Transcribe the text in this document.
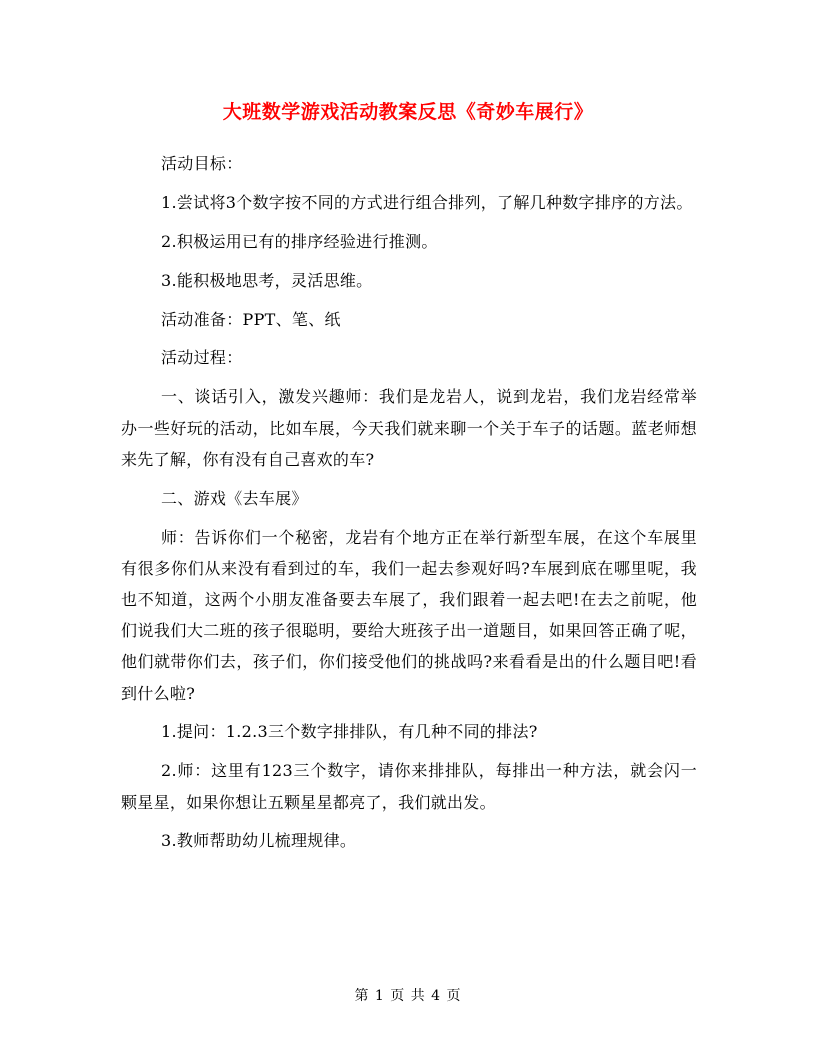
大班数学游戏活动教案反思《奇妙车展行》

活动目标：

1.尝试将3个数字按不同的方式进行组合排列，了解几种数字排序的方法。

2.积极运用已有的排序经验进行推测。

3.能积极地思考，灵活思维。

活动准备：PPT、笔、纸

活动过程：

一、谈话引入，激发兴趣师：我们是龙岩人，说到龙岩，我们龙岩经常举办一些好玩的活动，比如车展，今天我们就来聊一个关于车子的话题。蓝老师想来先了解，你有没有自己喜欢的车?

二、游戏《去车展》

师：告诉你们一个秘密，龙岩有个地方正在举行新型车展，在这个车展里有很多你们从来没有看到过的车，我们一起去参观好吗?车展到底在哪里呢，我也不知道，这两个小朋友准备要去车展了，我们跟着一起去吧!在去之前呢，他们说我们大二班的孩子很聪明，要给大班孩子出一道题目，如果回答正确了呢，他们就带你们去，孩子们，你们接受他们的挑战吗?来看看是出的什么题目吧!看到什么啦?

1.提问：1.2.3三个数字排排队，有几种不同的排法?

2.师：这里有123三个数字，请你来排排队，每排出一种方法，就会闪一颗星星，如果你想让五颗星星都亮了，我们就出发。

3.教师帮助幼儿梳理规律。

第 1 页 共 4 页
